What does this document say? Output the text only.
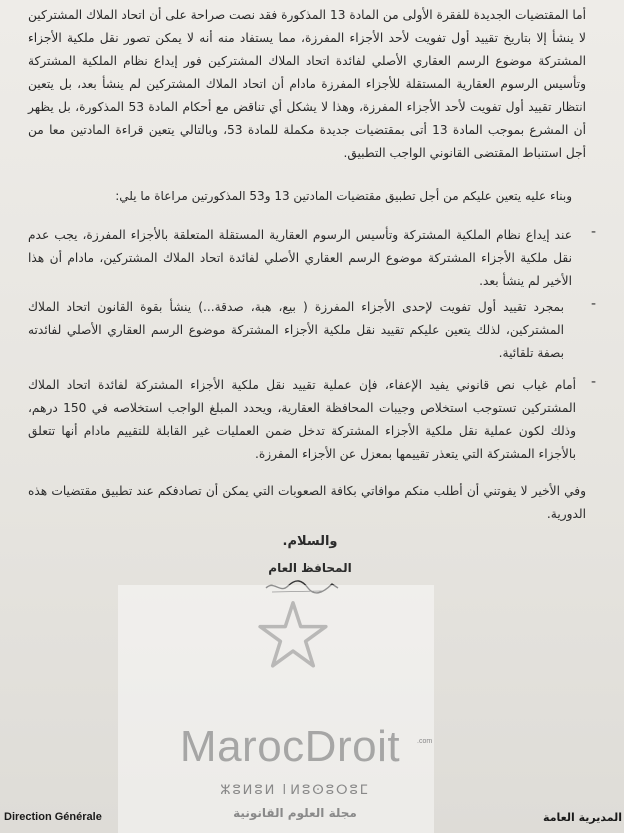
أما المقتضيات الجديدة للفقرة الأولى من المادة 13 المذكورة فقد نصت صراحة على أن اتحاد الملاك المشتركين لا ينشأ إلا بتاريخ تقييد أول تفويت لأحد الأجزاء المفرزة، مما يستفاد منه أنه لا يمكن تصور نقل ملكية الأجزاء المشتركة موضوع الرسم العقاري الأصلي لفائدة اتحاد الملاك المشتركين فور إيداع نظام الملكية المشتركة وتأسيس الرسوم العقارية المستقلة للأجزاء المفرزة مادام أن اتحاد الملاك المشتركين لم ينشأ بعد، بل يتعين انتظار تقييد أول تفويت لأحد الأجزاء المفرزة، وهذا لا يشكل أي تناقض مع أحكام المادة 53 المذكورة، بل يظهر أن المشرع بموجب المادة 13 أتى بمقتضيات جديدة مكملة للمادة 53، وبالتالي يتعين قراءة المادتين معا من أجل استنباط المقتضى القانوني الواجب التطبيق.
وبناء عليه يتعين عليكم من أجل تطبيق مقتضيات المادتين 13 و53 المذكورتين مراعاة ما يلي:
-
عند إيداع نظام الملكية المشتركة وتأسيس الرسوم العقارية المستقلة المتعلقة بالأجزاء المفرزة، يجب عدم نقل ملكية الأجزاء المشتركة موضوع الرسم العقاري الأصلي لفائدة اتحاد الملاك المشتركين، مادام أن هذا الأخير لم ينشأ بعد.
-
بمجرد تقييد أول تفويت لإحدى الأجزاء المفرزة ( بيع، هبة، صدقة...) ينشأ بقوة القانون اتحاد الملاك المشتركين، لذلك يتعين عليكم تقييد نقل ملكية الأجزاء المشتركة موضوع الرسم العقاري الأصلي لفائدته بصفة تلقائية.
-
أمام غياب نص قانوني يفيد الإعفاء، فإن عملية تقييد نقل ملكية الأجزاء المشتركة لفائدة اتحاد الملاك المشتركين تستوجب استخلاص وجيبات المحافظة العقارية، ويحدد المبلغ الواجب استخلاصه في 150 درهم، وذلك لكون عملية نقل ملكية الأجزاء المشتركة تدخل ضمن العمليات غير القابلة للتقييم مادام أنها تتعلق بالأجزاء المشتركة التي يتعذر تقييمها بمعزل عن الأجزاء المفرزة.
وفي الأخير لا يفوتني أن أطلب منكم موافاتي بكافة الصعوبات التي يمكن أن تصادفكم عند تطبيق مقتضيات هذه الدورية.
والسلام.
المحافظ العام
MarocDroit	.com
ⵣⵓⵍⵓⵍ ا ⵍⵓⵙⵓⵔⵓⵎ
مجلة العلوم القانونية
Direction Générale	المديرية العامة
